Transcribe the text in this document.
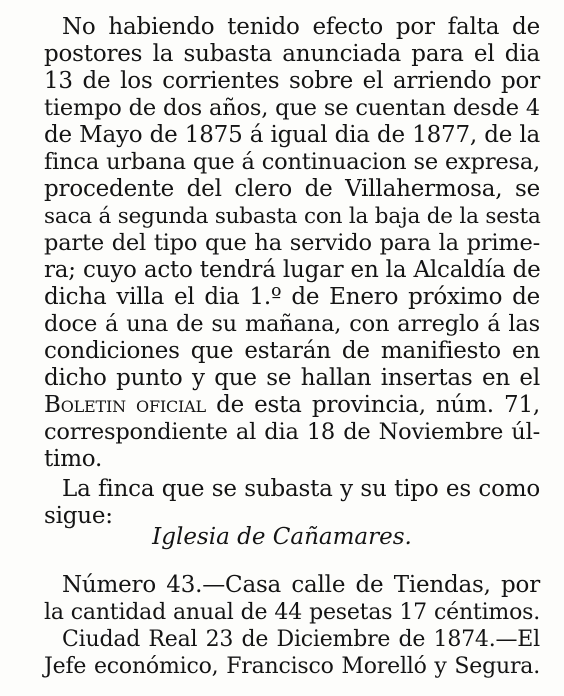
No habiendo tenido efecto por falta de
postores la subasta anunciada para el dia
13 de los corrientes sobre el arriendo por
tiempo de dos años, que se cuentan desde 4
de Mayo de 1875 á igual dia de 1877, de la
finca urbana que á continuacion se expresa,
procedente del clero de Villahermosa, se
saca á segunda subasta con la baja de la sesta
parte del tipo que ha servido para la prime-
ra; cuyo acto tendrá lugar en la Alcaldía de
dicha villa el dia 1.º de Enero próximo de
doce á una de su mañana, con arreglo á las
condiciones que estarán de manifiesto en
dicho punto y que se hallan insertas en el
Boletin oficial de esta provincia, núm. 71,
correspondiente al dia 18 de Noviembre úl-
timo.
La finca que se subasta y su tipo es como
sigue:

Iglesia de Cañamares.

Número 43.—Casa calle de Tiendas, por
la cantidad anual de 44 pesetas 17 céntimos.
Ciudad Real 23 de Diciembre de 1874.—El
Jefe económico, Francisco Morelló y Segura.
